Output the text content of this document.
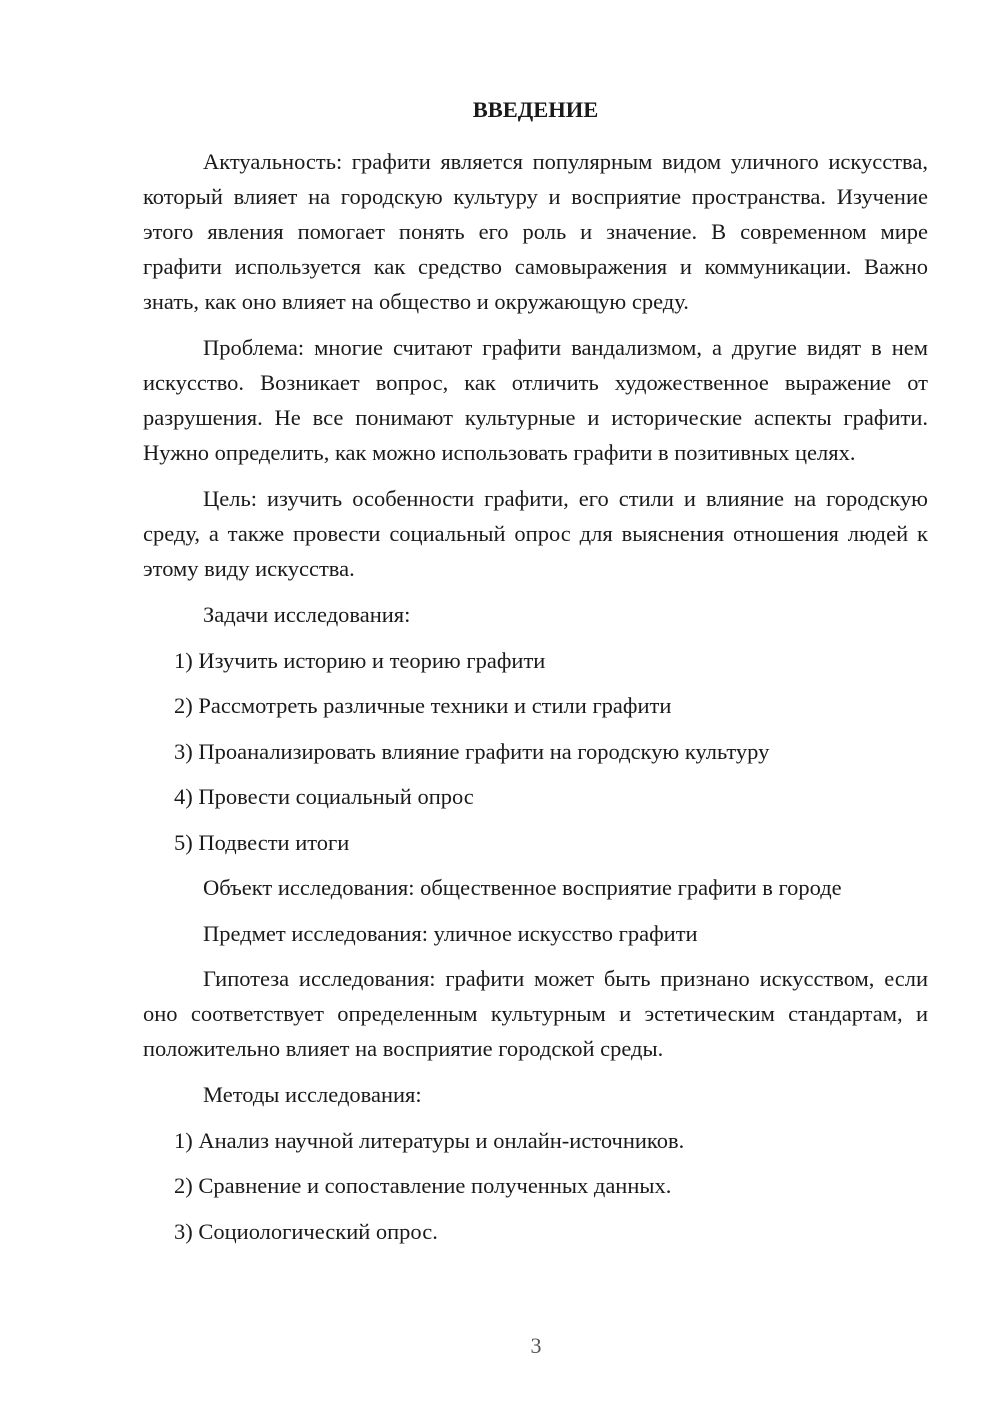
ВВЕДЕНИЕ

Актуальность: графити является популярным видом уличного искусства, который влияет на городскую культуру и восприятие пространства. Изучение этого явления помогает понять его роль и значение. В современном мире графити используется как средство самовыражения и коммуникации. Важно знать, как оно влияет на общество и окружающую среду.

Проблема: многие считают графити вандализмом, а другие видят в нем искусство. Возникает вопрос, как отличить художественное выражение от разрушения. Не все понимают культурные и исторические аспекты графити. Нужно определить, как можно использовать графити в позитивных целях.

Цель: изучить особенности графити, его стили и влияние на городскую среду, а также провести социальный опрос для выяснения отношения людей к этому виду искусства.

Задачи исследования:
1) Изучить историю и теорию графити
2) Рассмотреть различные техники и стили графити
3) Проанализировать влияние графити на городскую культуру
4) Провести социальный опрос
5) Подвести итоги
Объект исследования: общественное восприятие графити в городе
Предмет исследования: уличное искусство графити

Гипотеза исследования: графити может быть признано искусством, если оно соответствует определенным культурным и эстетическим стандартам, и положительно влияет на восприятие городской среды.

Методы исследования:
1) Анализ научной литературы и онлайн-источников.
2) Сравнение и сопоставление полученных данных.
3) Социологический опрос.
3
